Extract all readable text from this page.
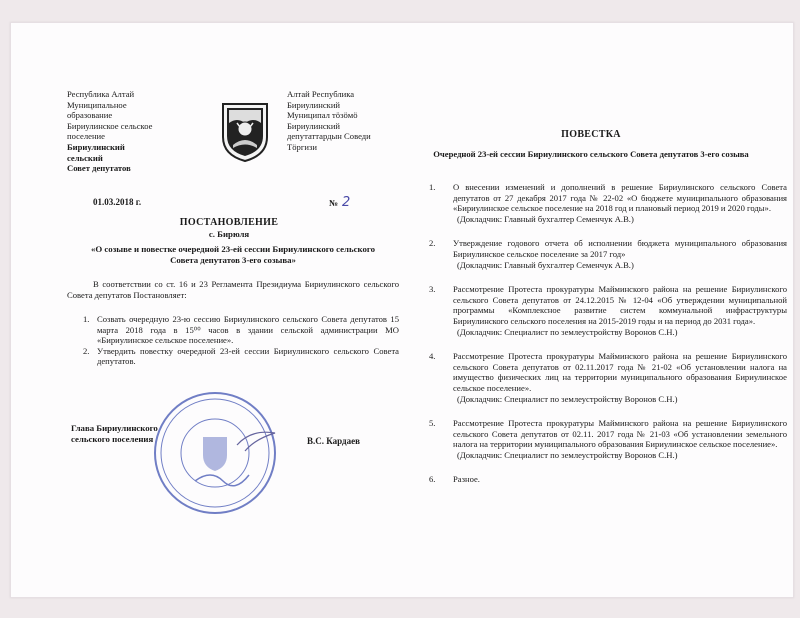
Республика Алтай
Муниципальное
образование
Бириулинское сельское
поселение
Бириулинский
сельский
Совет депутатов
Алтай Республика
Бириулинский
Муниципал тӧзӧмӧ
Бириулинский
депутаттардын Соведи
Тӧргизи
01.03.2018 г.	№ 2
ПОСТАНОВЛЕНИЕ
с. Бирюля
«О созыве и повестке очередной 23-ей сессии Бириулинского сельского Совета депутатов 3-его созыва»
В соответствии со ст. 16 и 23 Регламента Президиума Бириулинского сельского Совета депутатов Постановляет:
1. Созвать очередную 23-ю сессию Бириулинского сельского Совета депутатов 15 марта 2018 года в 15⁰⁰ часов в здании сельской администрации МО «Бириулинское сельское поселение».
2. Утвердить повестку очередной 23-ей сессии Бириулинского сельского Совета депутатов.
Глава Бириулинского сельского поселения	В.С. Кардаев
ПОВЕСТКА
Очередной 23-ей сессии Бириулинского сельского Совета депутатов 3-его созыва
1.	О внесении изменений и дополнений в решение Бириулинского сельского Совета депутатов от 27 декабря 2017 года № 22-02 «О бюджете муниципального образования «Бириулинское сельское поселение на 2018 год и плановый период 2019 и 2020 годы».
(Докладчик: Главный бухгалтер Семенчук А.В.)
2.	Утверждение годового отчета об исполнении бюджета муниципального образования Бириулинское сельское поселение за 2017 год»
(Докладчик: Главный бухгалтер Семенчук А.В.)
3.	Рассмотрение Протеста прокуратуры Майминского района на решение Бириулинского сельского Совета депутатов от 24.12.2015 № 12-04 «Об утверждении муниципальной программы «Комплексное развитие систем коммунальной инфраструктуры Бириулинского сельского поселения на 2015-2019 годы и на период до 2031 года».
(Докладчик: Специалист по землеустройству Воронов С.Н.)
4.	Рассмотрение Протеста прокуратуры Майминского района на решение Бириулинского сельского Совета депутатов от 02.11.2017 года № 21-02 «Об установлении налога на имущество физических лиц на территории муниципального образования Бириулинское сельское поселение».
(Докладчик: Специалист по землеустройству Воронов С.Н.)
5.	Рассмотрение Протеста прокуратуры Майминского района на решение Бириулинского сельского Совета депутатов от 02.11. 2017 года № 21-03 «Об установлении земельного налога на территории муниципального образования Бириулинское сельское поселение».
(Докладчик: Специалист по землеустройству Воронов С.Н.)
6.	Разное.
